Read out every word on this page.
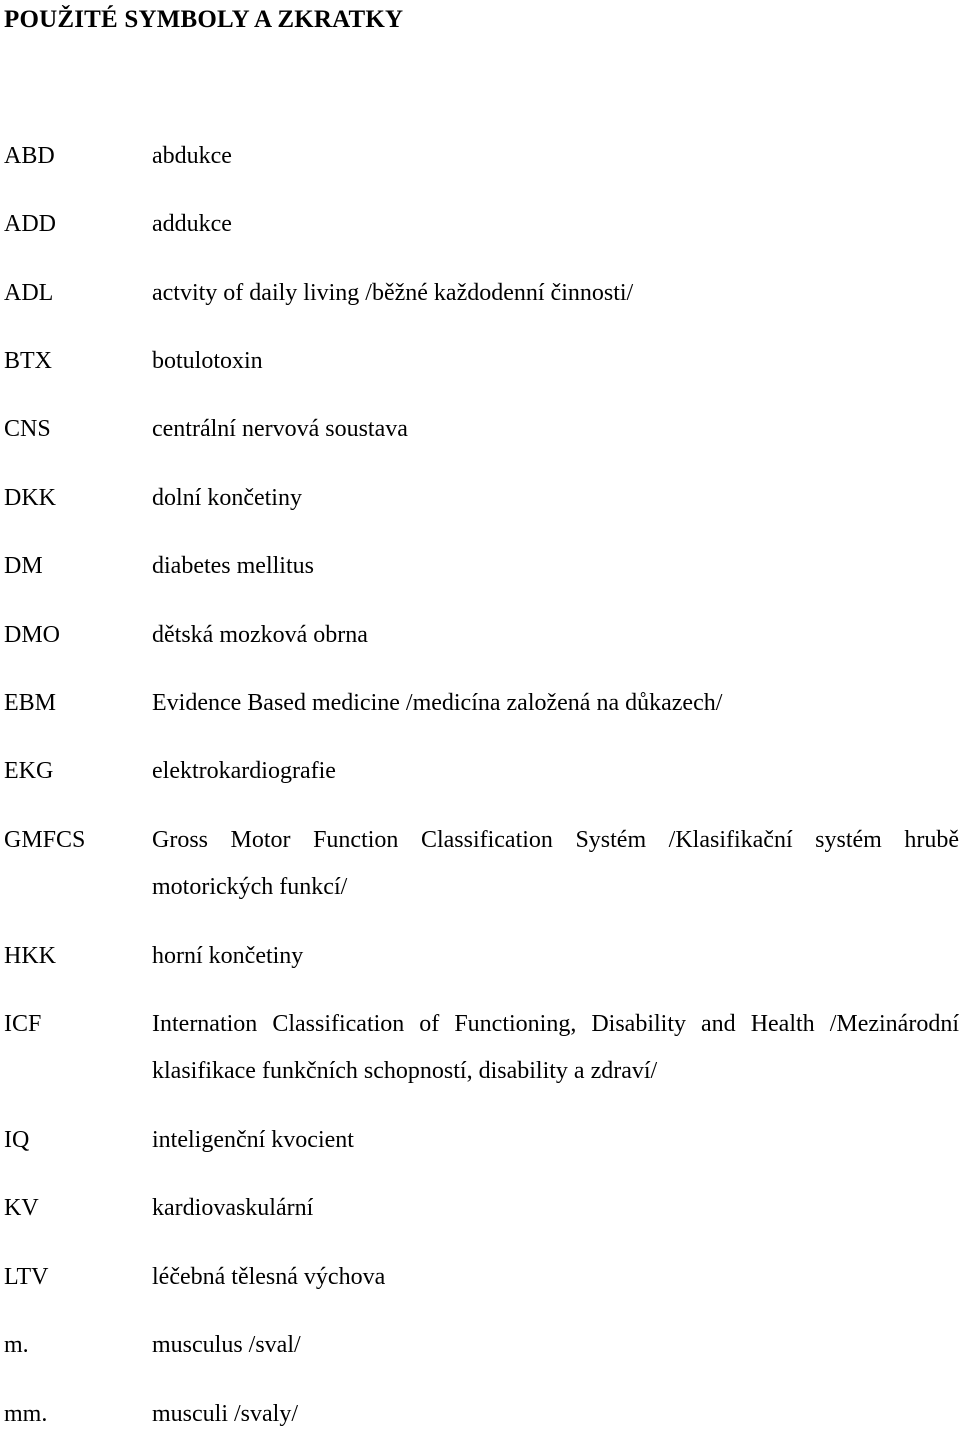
POUŽITÉ SYMBOLY A ZKRATKY
ABD	abdukce
ADD	addukce
ADL	actvity of daily living /běžné každodenní činnosti/
BTX	botulotoxin
CNS	centrální nervová soustava
DKK	dolní končetiny
DM	diabetes mellitus
DMO	dětská mozková obrna
EBM	Evidence Based medicine /medicína založená na důkazech/
EKG	elektrokardiografie
GMFCS	Gross Motor Function Classification Systém /Klasifikační systém hrubě motorických funkcí/
HKK	horní končetiny
ICF	Internation Classification of Functioning, Disability and Health /Mezinárodní klasifikace funkčních schopností, disability a zdraví/
IQ	inteligenční kvocient
KV	kardiovaskulární
LTV	léčebná tělesná výchova
m.	musculus /sval/
mm.	musculi /svaly/
